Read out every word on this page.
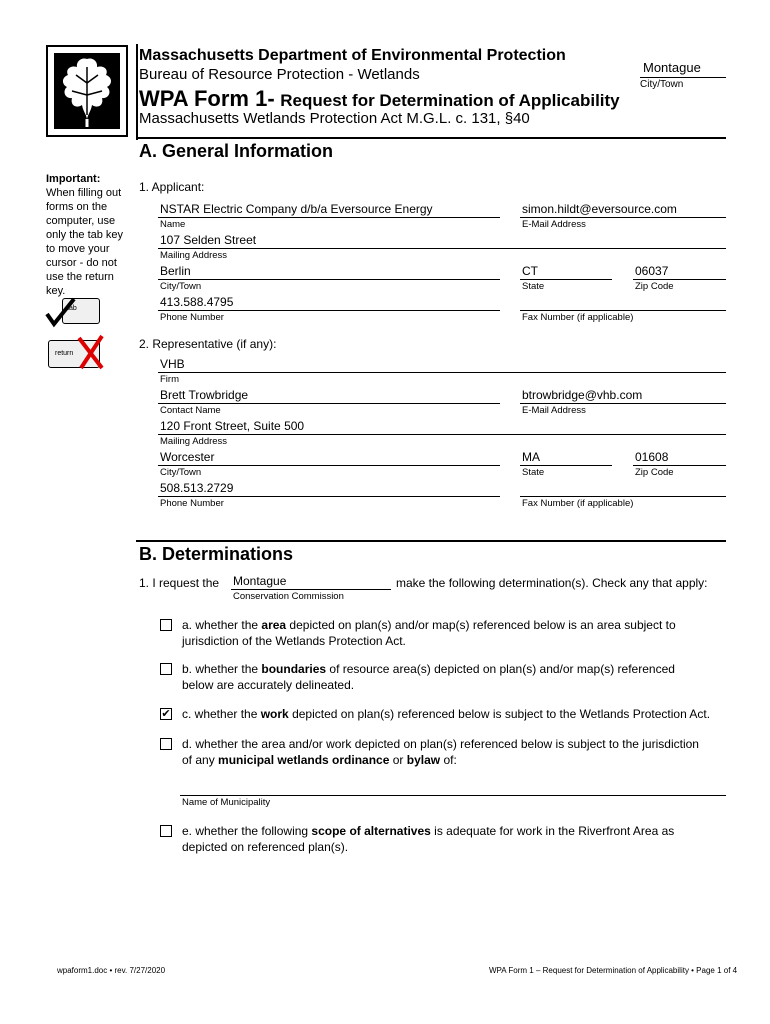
Massachusetts Department of Environmental Protection
Bureau of Resource Protection - Wetlands
WPA Form 1- Request for Determination of Applicability
Massachusetts Wetlands Protection Act M.G.L. c. 131, §40
Montague
City/Town
A. General Information
Important:
When filling out forms on the computer, use only the tab key to move your cursor - do not use the return key.
tab
return
1. Applicant:
NSTAR Electric Company d/b/a Eversource Energy
Name
simon.hildt@eversource.com
E-Mail Address
107 Selden Street
Mailing Address
Berlin
City/Town
CT
State
06037
Zip Code
413.588.4795
Phone Number	Fax Number (if applicable)
2. Representative (if any):
VHB
Firm
Brett Trowbridge
Contact Name
btrowbridge@vhb.com
E-Mail Address
120 Front Street, Suite 500
Mailing Address
Worcester
City/Town
MA
State
01608
Zip Code
508.513.2729
Phone Number	Fax Number (if applicable)
B. Determinations
1. I request the Montague
Conservation Commission
make the following determination(s). Check any that apply:
a. whether the area depicted on plan(s) and/or map(s) referenced below is an area subject to
jurisdiction of the Wetlands Protection Act.
b. whether the boundaries of resource area(s) depicted on plan(s) and/or map(s) referenced
below are accurately delineated.
✔ c. whether the work depicted on plan(s) referenced below is subject to the Wetlands Protection Act.
d. whether the area and/or work depicted on plan(s) referenced below is subject to the jurisdiction
of any municipal wetlands ordinance or bylaw of:
Name of Municipality
e. whether the following scope of alternatives is adequate for work in the Riverfront Area as
depicted on referenced plan(s).
wpaform1.doc • rev. 7/27/2020	WPA Form 1 – Request for Determination of Applicability • Page 1 of 4
